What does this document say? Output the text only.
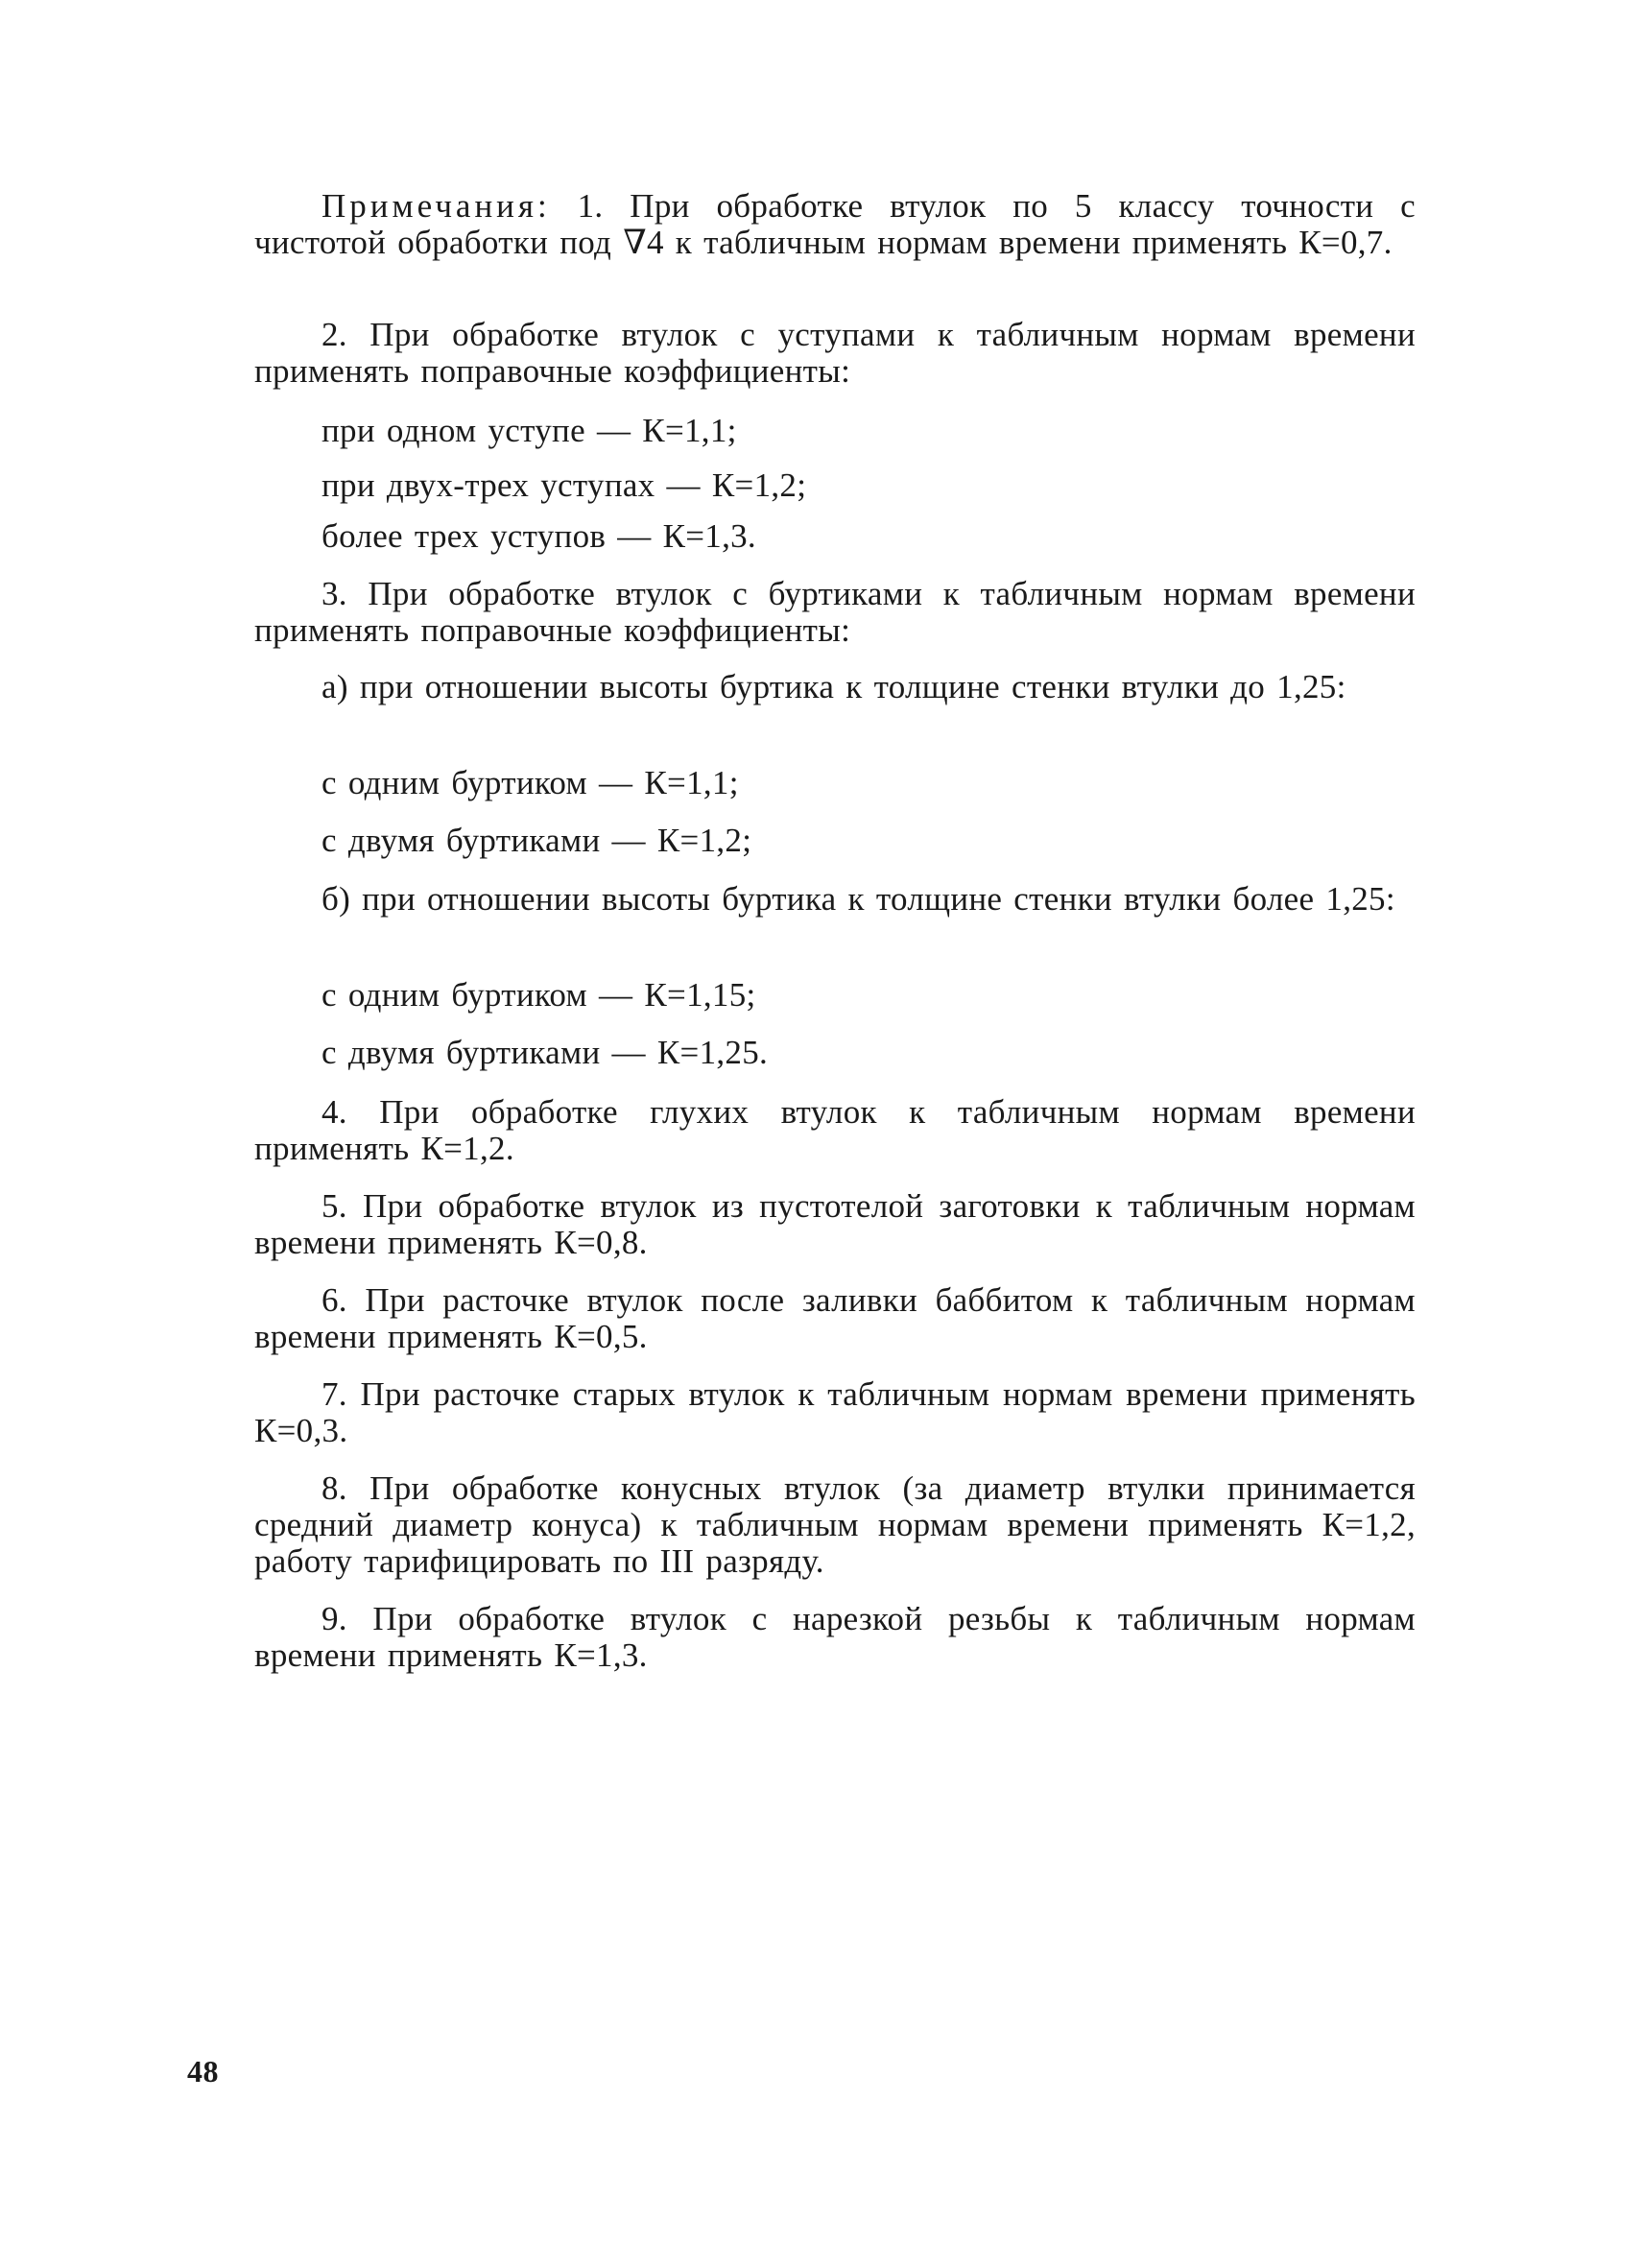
Примечания: 1. При обработке втулок по 5 классу точности с чистотой обработки под ∇4 к табличным нормам времени применять К=0,7.

2. При обработке втулок с уступами к табличным нормам времени применять поправочные коэффициенты:

при одном уступе — К=1,1;
при двух-трех уступах — К=1,2;
более трех уступов — К=1,3.

3. При обработке втулок с буртиками к табличным нормам времени применять поправочные коэффициенты:

а) при отношении высоты буртика к толщине стенки втулки до 1,25:

с одним буртиком — К=1,1;
с двумя буртиками — К=1,2;

б) при отношении высоты буртика к толщине стенки втулки более 1,25:

с одним буртиком — К=1,15;
с двумя буртиками — К=1,25.

4. При обработке глухих втулок к табличным нормам времени применять К=1,2.

5. При обработке втулок из пустотелой заготовки к табличным нормам времени применять К=0,8.

6. При расточке втулок после заливки баббитом к табличным нормам времени применять К=0,5.

7. При расточке старых втулок к табличным нормам времени применять К=0,3.

8. При обработке конусных втулок (за диаметр втулки принимается средний диаметр конуса) к табличным нормам времени применять К=1,2, работу тарифицировать по III разряду.

9. При обработке втулок с нарезкой резьбы к табличным нормам времени применять К=1,3.

48
